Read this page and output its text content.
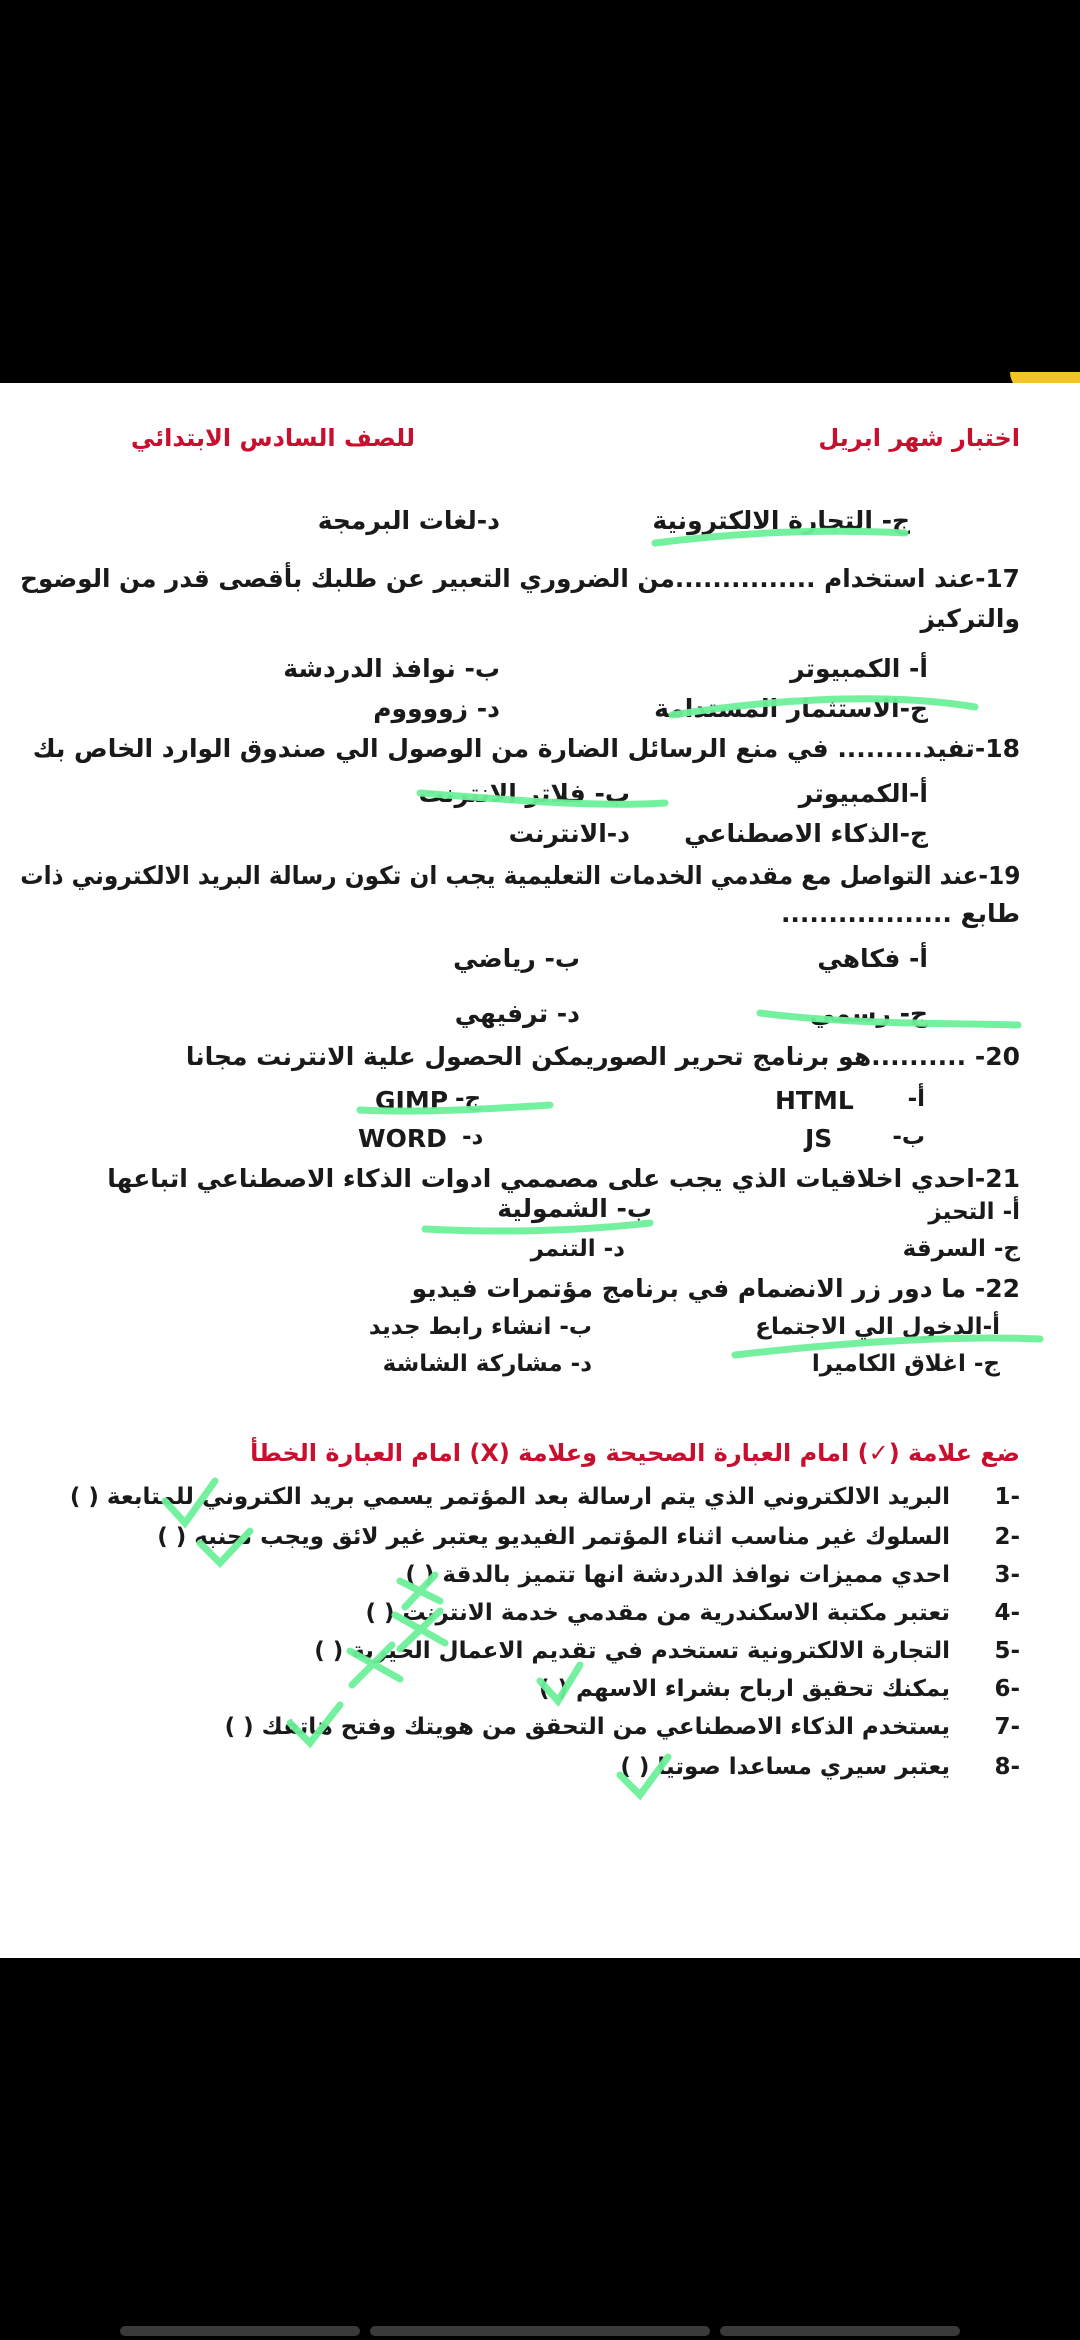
اختبار شهر ابريل
للصف السادس الابتدائي
ج- التجارة الالكترونية
د-لغات البرمجة
17-عند استخدام ...............من الضروري التعبير عن طلبك بأقصى قدر من الوضوح
والتركيز
أ- الكمبيوتر
ب- نوافذ الدردشة
ج-الاستثمار المستدامة
د- زووووم
18-تفيد......... في منع الرسائل الضارة من الوصول الي صندوق الوارد الخاص بك
أ-الكمبيوتر
ب- فلاتر الانترنت
ج-الذكاء الاصطناعي
د-الانترنت
19-عند التواصل مع مقدمي الخدمات التعليمية يجب ان تكون رسالة البريد الالكتروني ذات
طابع ..................
أ- فكاهي
ب- رياضي
ج- رسمي
د- ترفيهي
20- ..........هو برنامج تحرير الصوريمكن الحصول علية الانترنت مجانا
أ-
HTML
ب-
JS
GIMP ج-
WORD د-
21-احدي اخلاقيات الذي يجب على مصممي ادوات الذكاء الاصطناعي اتباعها
أ- التحيز
ب- الشمولية
ج- السرقة
د- التنمر
22- ما دور زر الانضمام في برنامج مؤتمرات فيديو
أ-الدخول الي الاجتماع
ب- انشاء رابط جديد
ج- اغلاق الكاميرا
د- مشاركة الشاشة
ضع علامة (✓) امام العبارة الصحيحة وعلامة (X) امام العبارة الخطأ
-1
البريد الالكتروني الذي يتم ارسالة بعد المؤتمر يسمي بريد الكتروني للمتابعة ( )
-2
السلوك غير مناسب اثناء المؤتمر الفيديو يعتبر غير لائق ويجب تجنبه ( )
-3
احدي مميزات نوافذ الدردشة انها تتميز بالدقة ( )
-4
تعتبر مكتبة الاسكندرية من مقدمي خدمة الانترنت ( )
-5
التجارة الالكترونية تستخدم في تقديم الاعمال الخيرية ( )
-6
يمكنك تحقيق ارباح بشراء الاسهم ( )
-7
يستخدم الذكاء الاصطناعي من التحقق من هويتك وفتح هاتفك ( )
-8
يعتبر سيري مساعدا صوتيا ( )
